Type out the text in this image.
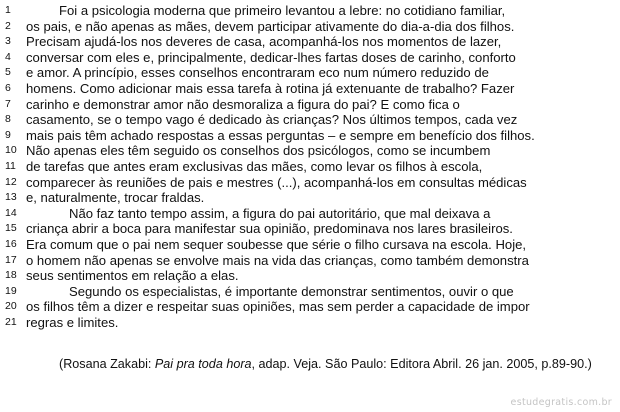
1	Foi a psicologia moderna que primeiro levantou a lebre: no cotidiano familiar,
2	os pais, e não apenas as mães, devem participar ativamente do dia-a-dia dos filhos.
3	Precisam ajudá-los nos deveres de casa, acompanhá-los nos momentos de lazer,
4	conversar com eles e, principalmente, dedicar-lhes fartas doses de carinho, conforto
5	e amor. A princípio, esses conselhos encontraram eco num número reduzido de
6	homens. Como adicionar mais essa tarefa à rotina já extenuante de trabalho? Fazer
7	carinho e demonstrar amor não desmoraliza a figura do pai? E como fica o
8	casamento, se o tempo vago é dedicado às crianças? Nos últimos tempos, cada vez
9	mais pais têm achado respostas a essas perguntas – e sempre em benefício dos filhos.
10 Não apenas eles têm seguido os conselhos dos psicólogos, como se incumbem
11 de tarefas que antes eram exclusivas das mães, como levar os filhos à escola,
12 comparecer às reuniões de pais e mestres (...), acompanhá-los em consultas médicas
13 e, naturalmente, trocar fraldas.
14	Não faz tanto tempo assim, a figura do pai autoritário, que mal deixava a
15 criança abrir a boca para manifestar sua opinião, predominava nos lares brasileiros.
16 Era comum que o pai nem sequer soubesse que série o filho cursava na escola. Hoje,
17 o homem não apenas se envolve mais na vida das crianças, como também demonstra
18 seus sentimentos em relação a elas.
19	Segundo os especialistas, é importante demonstrar sentimentos, ouvir o que
20 os filhos têm a dizer e respeitar suas opiniões, mas sem perder a capacidade de impor
21 regras e limites.
(Rosana Zakabi: Pai pra toda hora, adap. Veja. São Paulo: Editora Abril. 26 jan. 2005, p.89-90.)
estudegratis.com.br
